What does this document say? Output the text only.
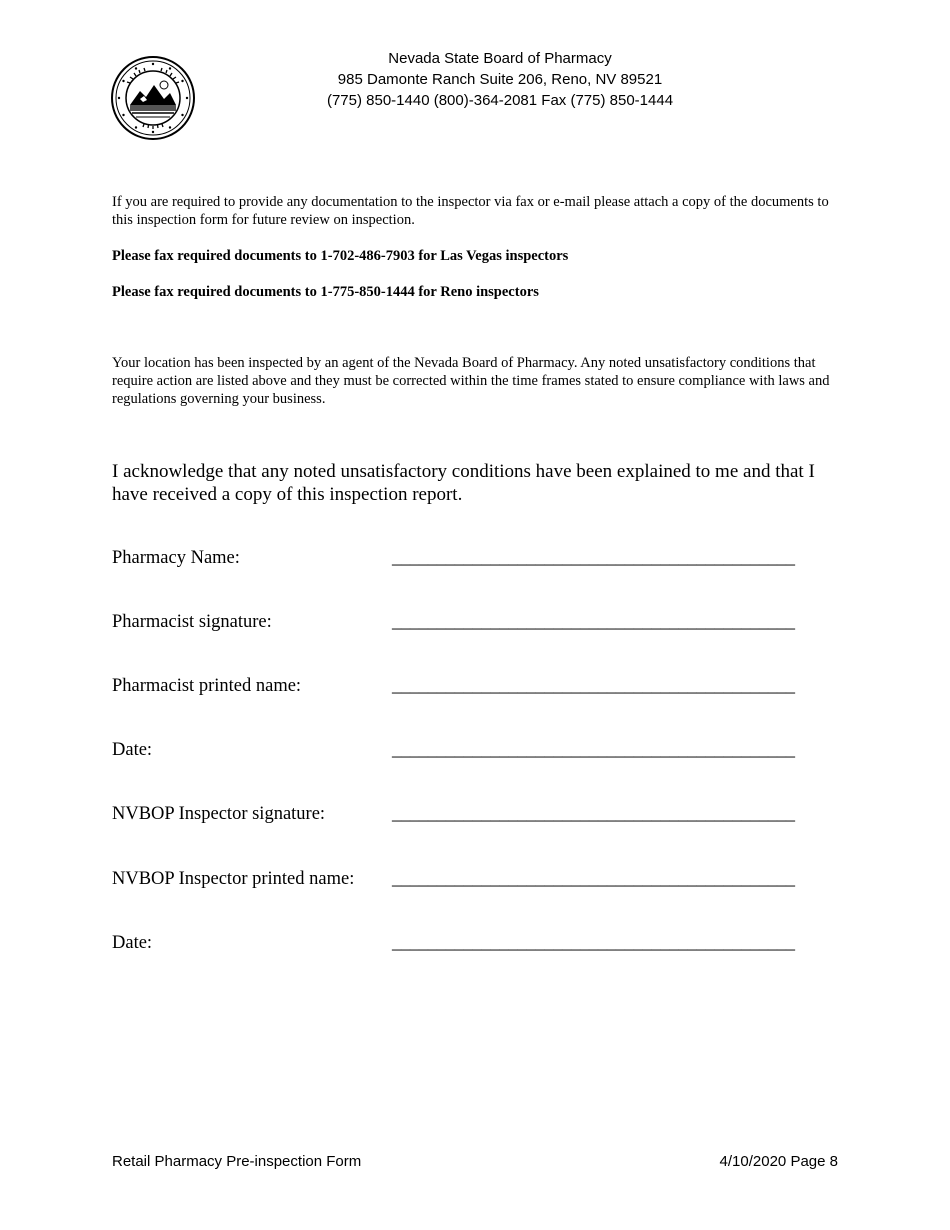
Nevada State Board of Pharmacy
985 Damonte Ranch Suite 206, Reno, NV 89521
(775) 850-1440 (800)-364-2081 Fax (775) 850-1444
If you are required to provide any documentation to the inspector via fax or e-mail please attach a copy of the documents to this inspection form for future review on inspection.
Please fax required documents to 1-702-486-7903 for Las Vegas inspectors
Please fax required documents to 1-775-850-1444 for Reno inspectors
Your location has been inspected by an agent of the Nevada Board of Pharmacy. Any noted unsatisfactory conditions that require action are listed above and they must be corrected within the time frames stated to ensure compliance with laws and regulations governing your business.
I acknowledge that any noted unsatisfactory conditions have been explained to me and that I have received a copy of this inspection report.
Pharmacy Name:	_____________________________________________
Pharmacist signature:	_____________________________________________
Pharmacist printed name:	_____________________________________________
Date:	_____________________________________________
NVBOP Inspector signature:	_____________________________________________
NVBOP Inspector printed name: _____________________________________________
Date:	_____________________________________________
Retail Pharmacy Pre-inspection Form	4/10/2020 Page 8
